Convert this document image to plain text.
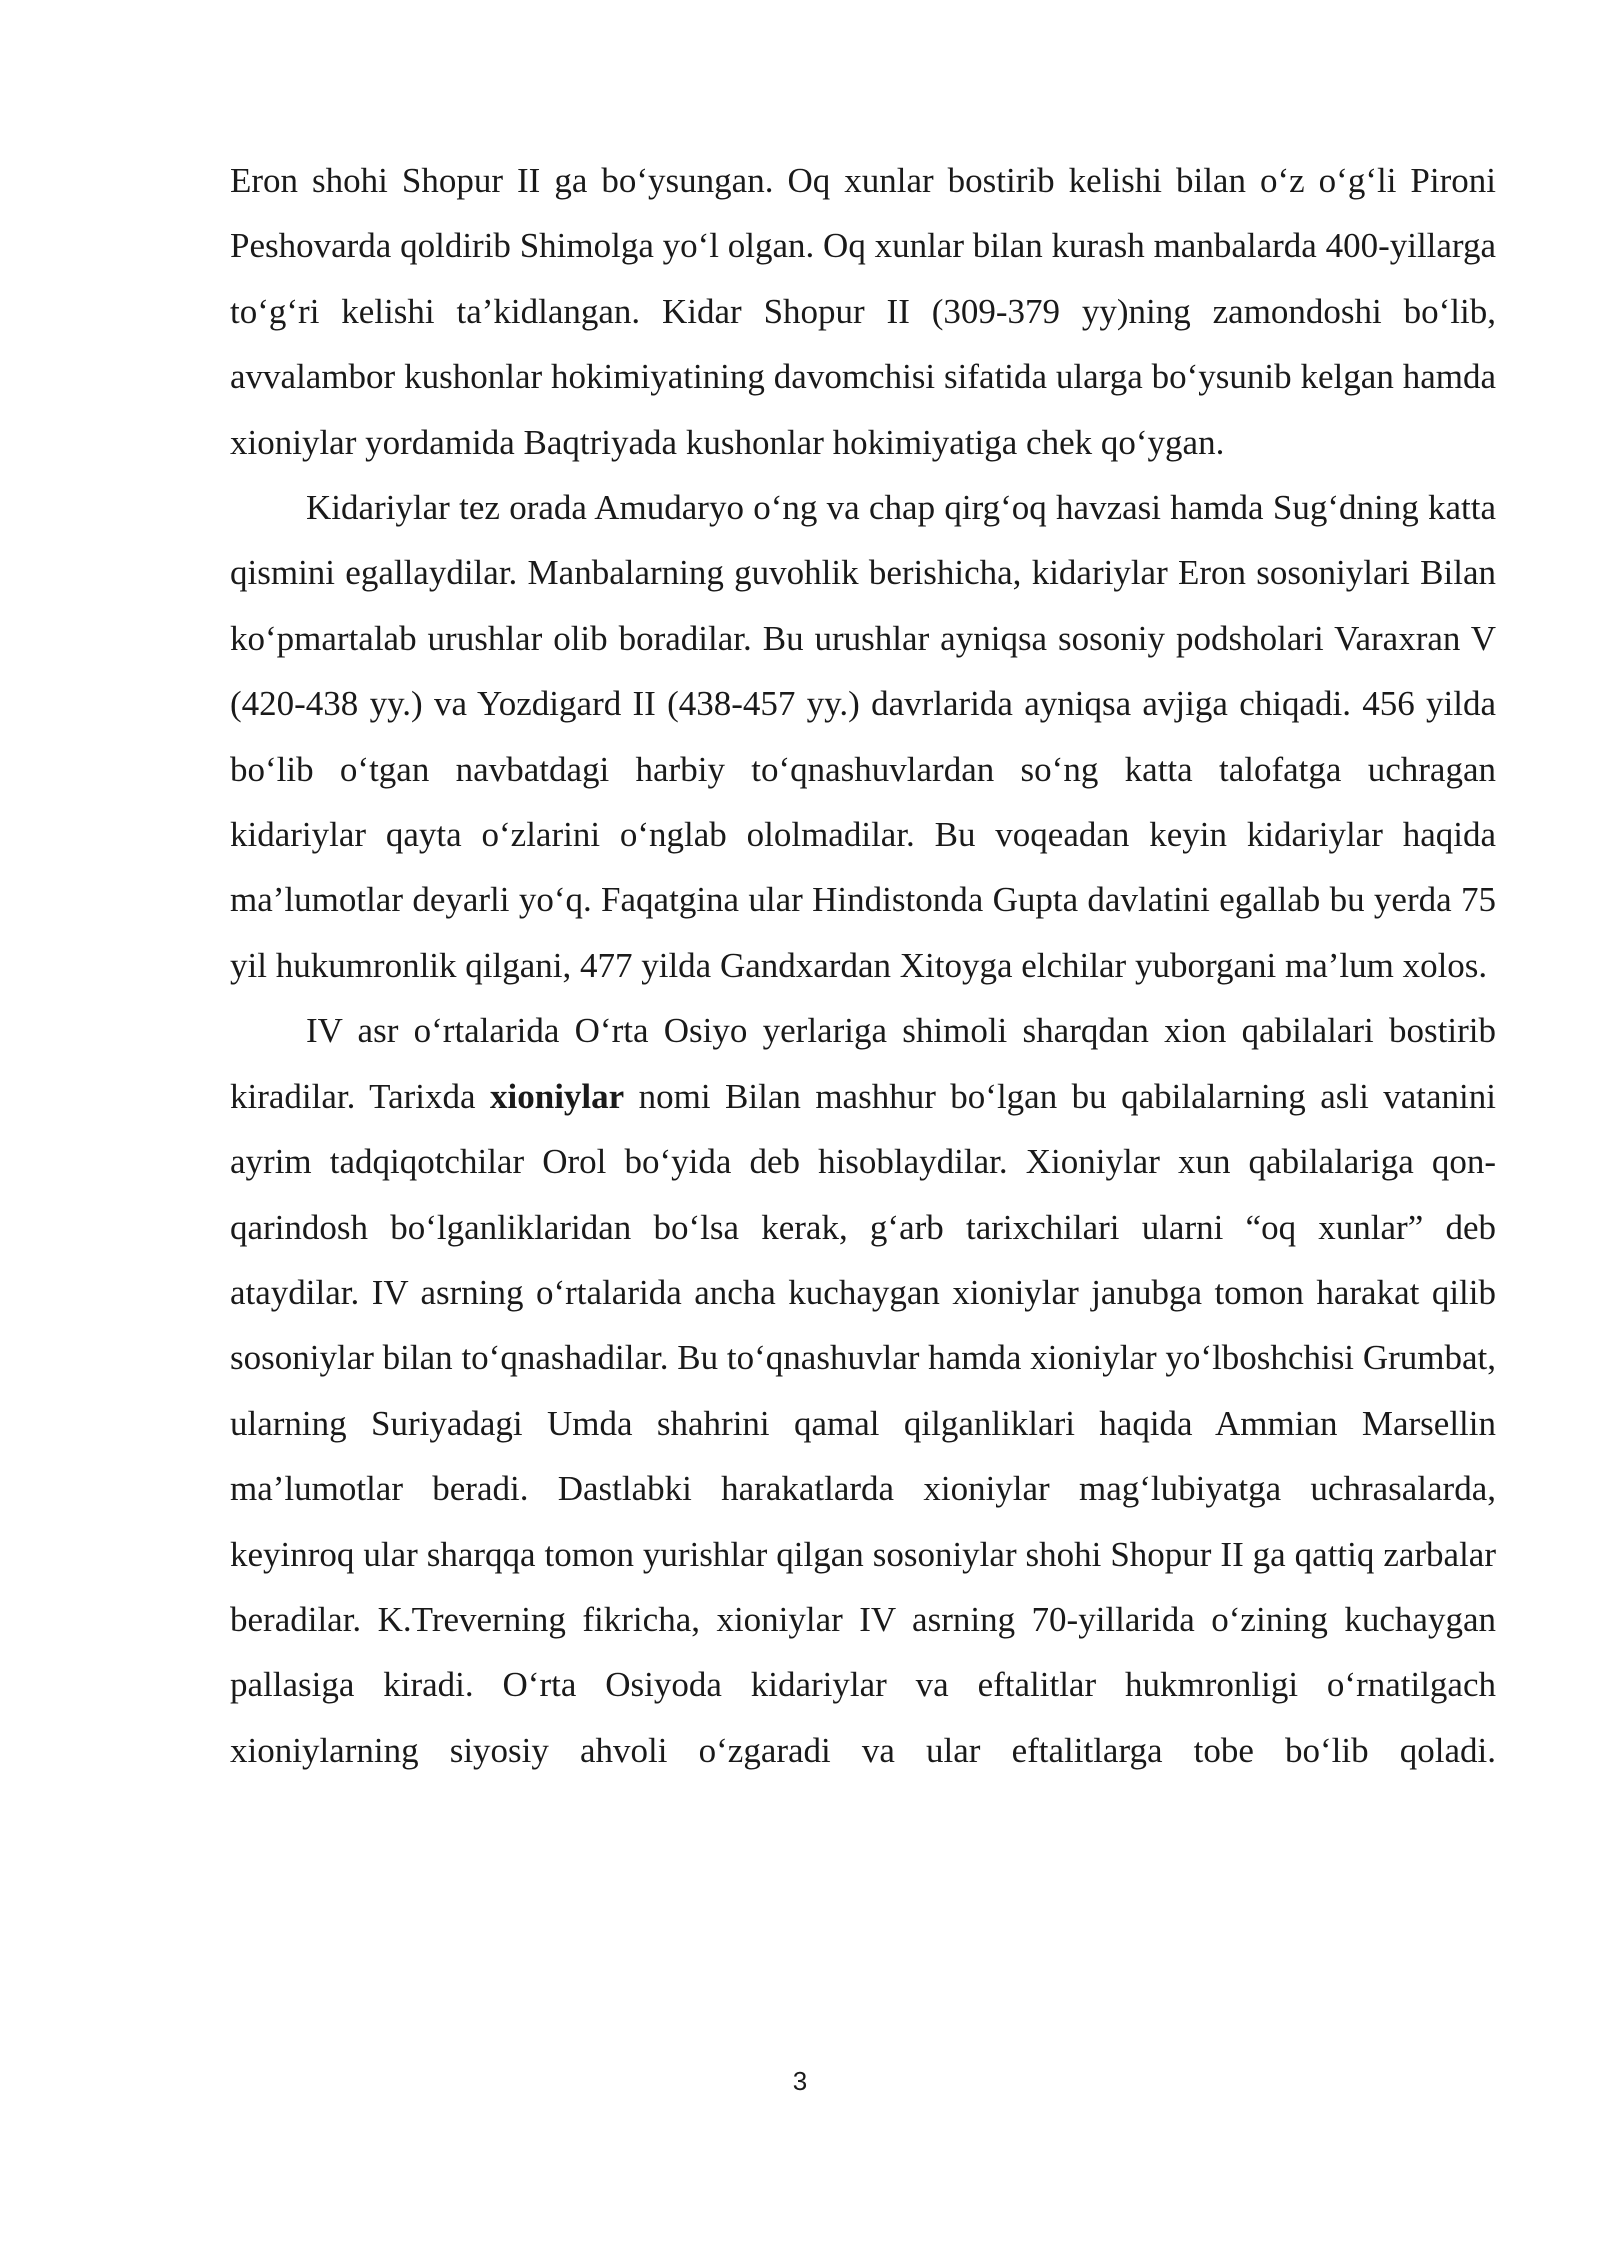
Eron shohi Shopur II ga bo‘ysungan. Oq xunlar bostirib kelishi bilan o‘z o‘g‘li Pironi Peshovarda qoldirib Shimolga yo‘l olgan. Oq xunlar bilan kurash manbalarda 400-yillarga to‘g‘ri kelishi ta’kidlangan. Kidar Shopur II (309-379 yy)ning zamondoshi bo‘lib, avvalambor kushonlar hokimiyatining davomchisi sifatida ularga bo‘ysunib kelgan hamda xioniylar yordamida Baqtriyada kushonlar hokimiyatiga chek qo‘ygan.

Kidariylar tez orada Amudaryo o‘ng va chap qirg‘oq havzasi hamda Sug‘dning katta qismini egallaydilar. Manbalarning guvohlik berishicha, kidariylar Eron sosoniylari Bilan ko‘pmartalab urushlar olib boradilar. Bu urushlar ayniqsa sosoniy podsholari Varaxran V (420-438 yy.) va Yozdigard II (438-457 yy.) davrlarida ayniqsa avjiga chiqadi. 456 yilda bo‘lib o‘tgan navbatdagi harbiy to‘qnashuvlardan so‘ng katta talofatga uchragan kidariylar qayta o‘zlarini o‘nglab ololmadilar. Bu voqeadan keyin kidariylar haqida ma’lumotlar deyarli yo‘q. Faqatgina ular Hindistonda Gupta davlatini egallab bu yerda 75 yil hukumronlik qilgani, 477 yilda Gandxardan Xitoyga elchilar yuborgani ma’lum xolos.

IV asr o‘rtalarida O‘rta Osiyo yerlariga shimoli sharqdan xion qabilalari bostirib kiradilar. Tarixda xioniylar nomi Bilan mashhur bo‘lgan bu qabilalarning asli vatanini ayrim tadqiqotchilar Orol bo‘yida deb hisoblaydilar. Xioniylar xun qabilalariga qon-qarindosh bo‘lganliklaridan bo‘lsa kerak, g‘arb tarixchilari ularni “oq xunlar” deb ataydilar. IV asrning o‘rtalarida ancha kuchaygan xioniylar janubga tomon harakat qilib sosoniylar bilan to‘qnashadilar. Bu to‘qnashuvlar hamda xioniylar yo‘lboshchisi Grumbat, ularning Suriyadagi Umda shahrini qamal qilganliklari haqida Ammian Marsellin ma’lumotlar beradi. Dastlabki harakatlarda xioniylar mag‘lubiyatga uchrasalarda, keyinroq ular sharqqa tomon yurishlar qilgan sosoniylar shohi Shopur II ga qattiq zarbalar beradilar. K.Treverning fikricha, xioniylar IV asrning 70-yillarida o‘zining kuchaygan pallasiga kiradi. O‘rta Osiyoda kidariylar va eftalitlar hukmronligi o‘rnatilgach xioniylarning siyosiy ahvoli o‘zgaradi va ular eftalitlarga tobe bo‘lib qoladi.

3
